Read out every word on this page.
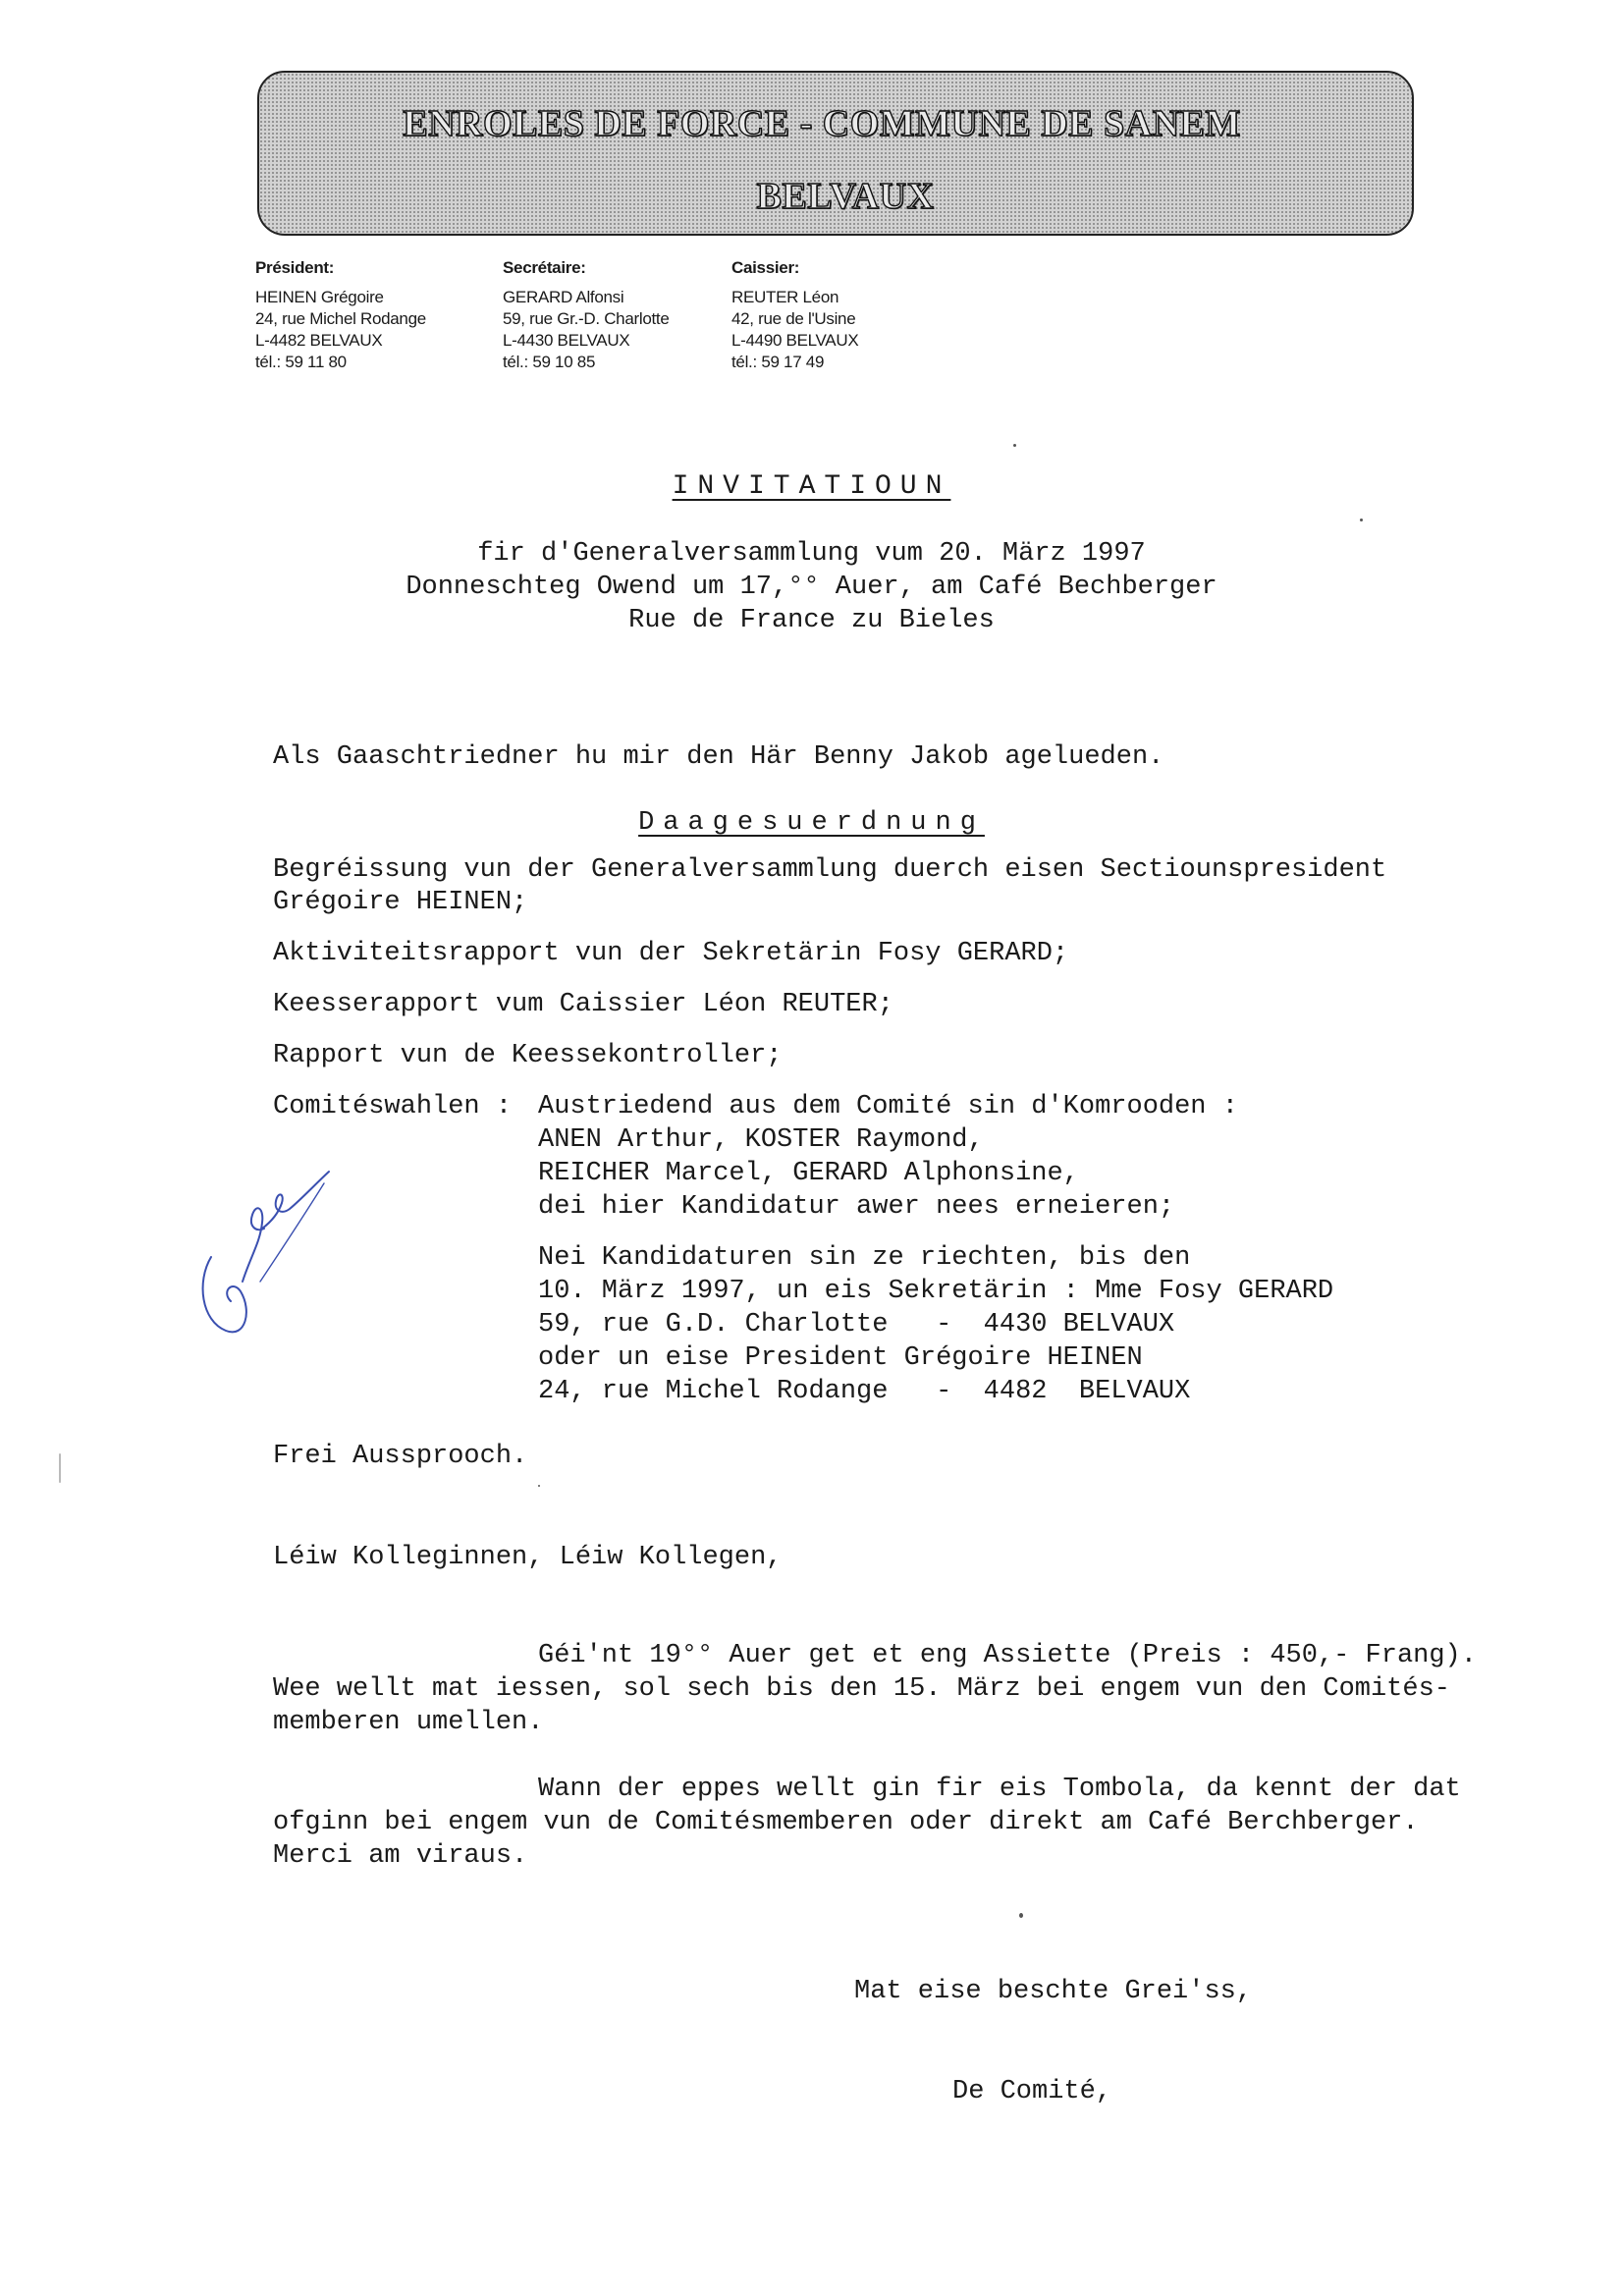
ENROLES DE FORCE - COMMUNE DE SANEM
BELVAUX
Président:
HEINEN Grégoire
24, rue Michel Rodange
L-4482 BELVAUX
tél.: 59 11 80
Secrétaire:
GERARD Alfonsi
59, rue Gr.-D. Charlotte
L-4430 BELVAUX
tél.: 59 10 85
Caissier:
REUTER Léon
42, rue de l'Usine
L-4490 BELVAUX
tél.: 59 17 49
INVITATIOUN
fir d'Generalversammlung vum 20. März 1997
Donneschteg Owend um 17,°° Auer, am Café Bechberger
Rue de France zu Bieles
Als Gaaschtriedner hu mir den Här Benny Jakob agelueden.
Daagesuerdnung
Begréissung vun der Generalversammlung duerch eisen Sectiounspresident
Grégoire HEINEN;
Aktiviteitsrapport vun der Sekretärin Fosy GERARD;
Keesserapport vum Caissier Léon REUTER;
Rapport vun de Keessekontroller;
Comitéswahlen : Austriedend aus dem Comité sin d'Komrooden :
ANEN Arthur, KOSTER Raymond,
REICHER Marcel, GERARD Alphonsine,
dei hier Kandidatur awer nees erneieren;
Nei Kandidaturen sin ze riechten, bis den
10. März 1997, un eis Sekretärin : Mme Fosy GERARD
59, rue G.D. Charlotte   -  4430 BELVAUX
oder un eise President Grégoire HEINEN
24, rue Michel Rodange   -  4482  BELVAUX
Frei Aussprooch.
Léiw Kolleginnen, Léiw Kollegen,
Géi'nt 19°° Auer get et eng Assiette (Preis : 450,- Frang).
Wee wellt mat iessen, sol sech bis den 15. März bei engem vun den Comités-
memberen umellen.
Wann der eppes wellt gin fir eis Tombola, da kennt der dat
ofginn bei engem vun de Comitésmemberen oder direkt am Café Berchberger.
Merci am viraus.
Mat eise beschte Grei'ss,
De Comité,
